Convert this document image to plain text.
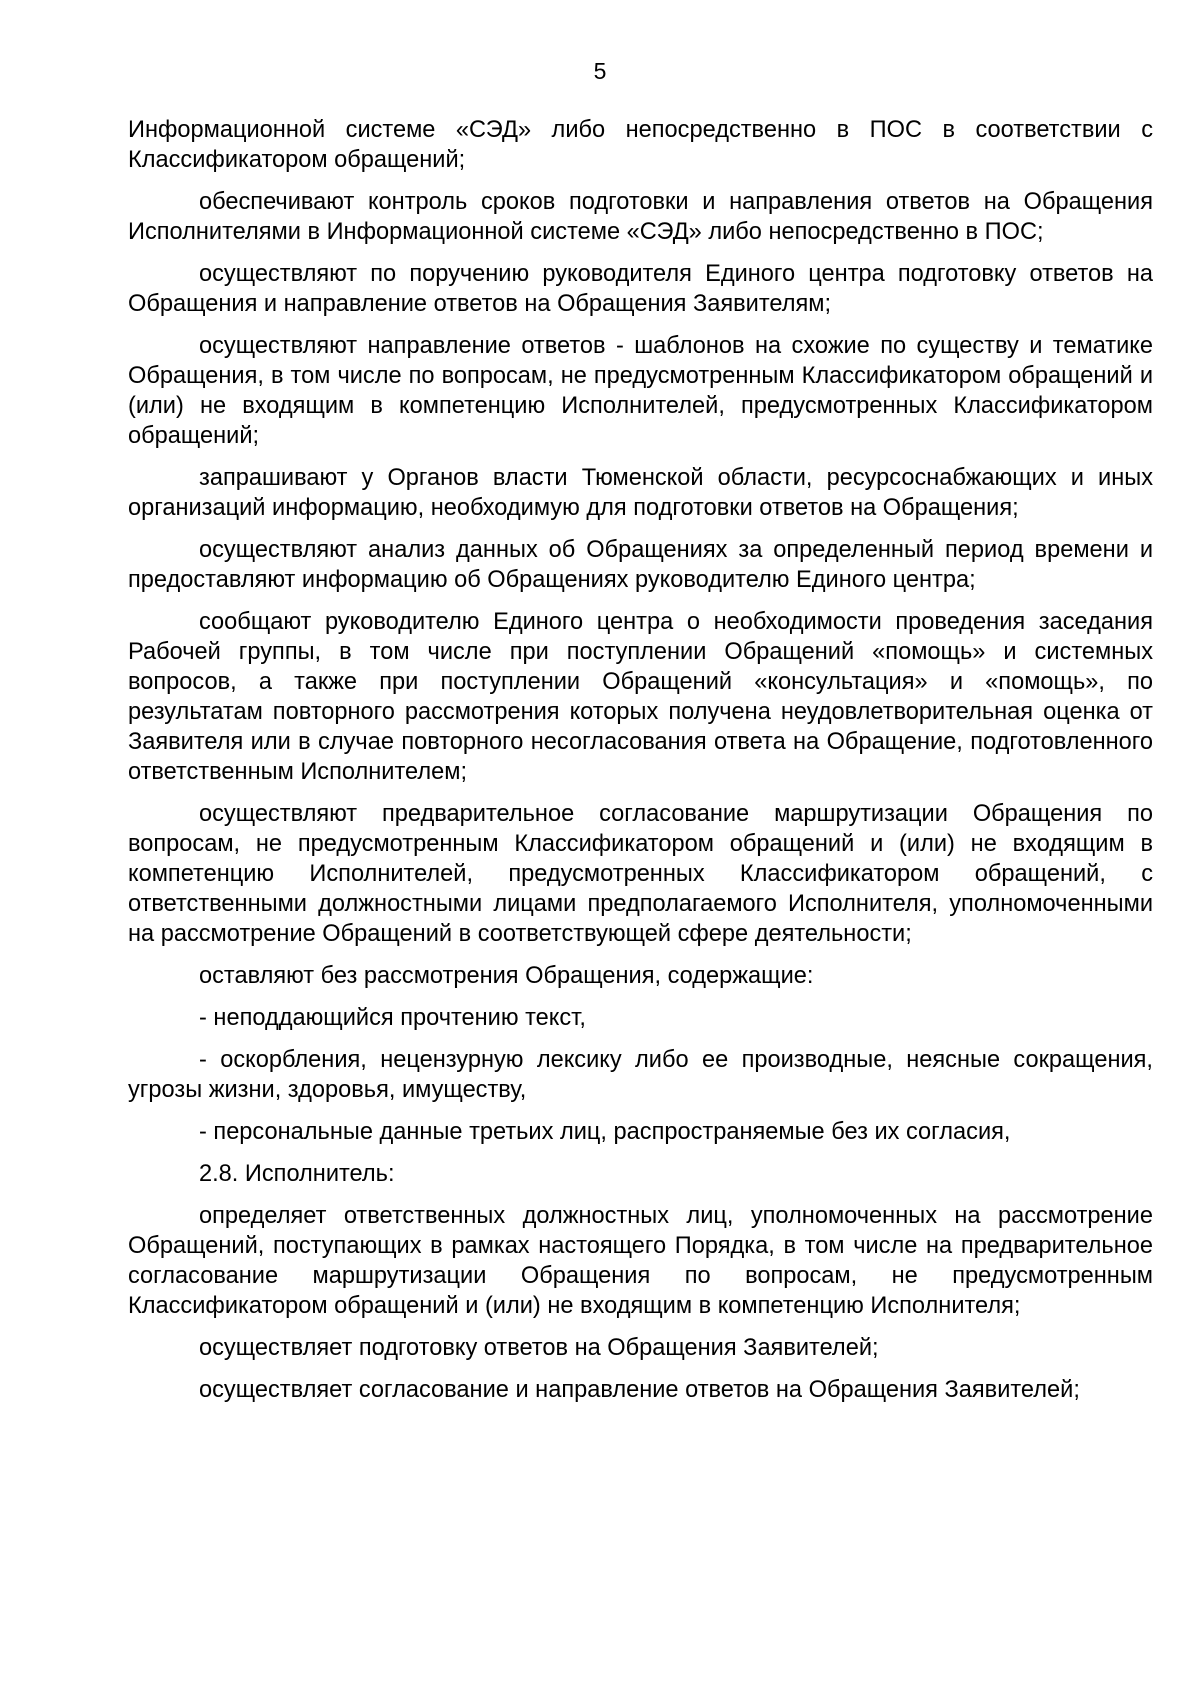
5

Информационной системе «СЭД» либо непосредственно в ПОС в соответствии с Классификатором обращений;

обеспечивают контроль сроков подготовки и направления ответов на Обращения Исполнителями в Информационной системе «СЭД» либо непосредственно в ПОС;

осуществляют по поручению руководителя Единого центра подготовку ответов на Обращения и направление ответов на Обращения Заявителям;

осуществляют направление ответов - шаблонов на схожие по существу и тематике Обращения, в том числе по вопросам, не предусмотренным Классификатором обращений и (или) не входящим в компетенцию Исполнителей, предусмотренных Классификатором обращений;

запрашивают у Органов власти Тюменской области, ресурсоснабжающих и иных организаций информацию, необходимую для подготовки ответов на Обращения;

осуществляют анализ данных об Обращениях за определенный период времени и предоставляют информацию об Обращениях руководителю Единого центра;

сообщают руководителю Единого центра о необходимости проведения заседания Рабочей группы, в том числе при поступлении Обращений «помощь» и системных вопросов, а также при поступлении Обращений «консультация» и «помощь», по результатам повторного рассмотрения которых получена неудовлетворительная оценка от Заявителя или в случае повторного несогласования ответа на Обращение, подготовленного ответственным Исполнителем;

осуществляют предварительное согласование маршрутизации Обращения по вопросам, не предусмотренным Классификатором обращений и (или) не входящим в компетенцию Исполнителей, предусмотренных Классификатором обращений, с ответственными должностными лицами предполагаемого Исполнителя, уполномоченными на рассмотрение Обращений в соответствующей сфере деятельности;

оставляют без рассмотрения Обращения, содержащие:

- неподдающийся прочтению текст,

- оскорбления, нецензурную лексику либо ее производные, неясные сокращения, угрозы жизни, здоровья, имуществу,

- персональные данные третьих лиц, распространяемые без их согласия,

2.8. Исполнитель:

определяет ответственных должностных лиц, уполномоченных на рассмотрение Обращений, поступающих в рамках настоящего Порядка, в том числе на предварительное согласование маршрутизации Обращения по вопросам, не предусмотренным Классификатором обращений и (или) не входящим в компетенцию Исполнителя;

осуществляет подготовку ответов на Обращения Заявителей;

осуществляет согласование и направление ответов на Обращения Заявителей;
